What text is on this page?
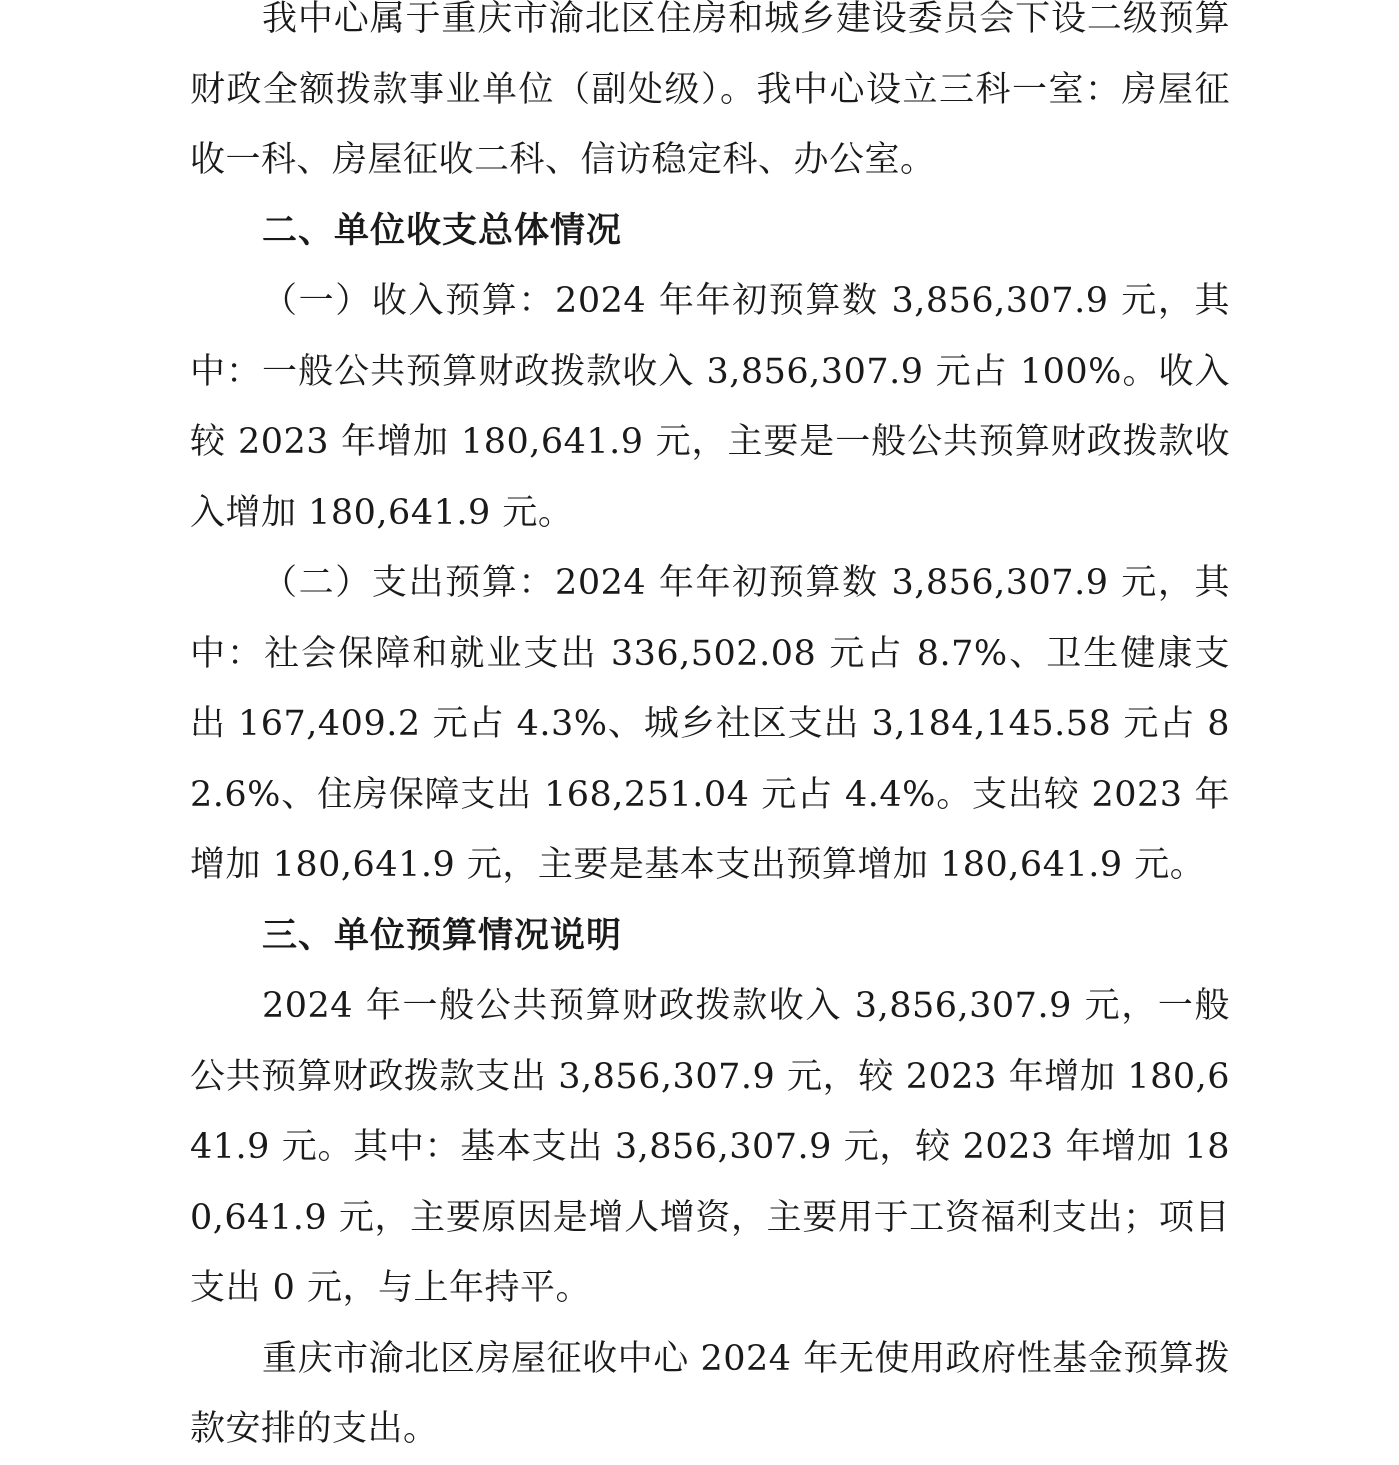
我中心属于重庆市渝北区住房和城乡建设委员会下设二级预算财政全额拨款事业单位（副处级）。我中心设立三科一室：房屋征收一科、房屋征收二科、信访稳定科、办公室。

二、单位收支总体情况

（一）收入预算：2024 年年初预算数 3,856,307.9 元，其中：一般公共预算财政拨款收入 3,856,307.9 元占 100%。收入较 2023 年增加 180,641.9 元，主要是一般公共预算财政拨款收入增加 180,641.9 元。

（二）支出预算：2024 年年初预算数 3,856,307.9 元，其中：社会保障和就业支出 336,502.08 元占 8.7%、卫生健康支出 167,409.2 元占 4.3%、城乡社区支出 3,184,145.58 元占 82.6%、住房保障支出 168,251.04 元占 4.4%。支出较 2023 年增加 180,641.9 元，主要是基本支出预算增加 180,641.9 元。

三、单位预算情况说明

2024 年一般公共预算财政拨款收入 3,856,307.9 元，一般公共预算财政拨款支出 3,856,307.9 元，较 2023 年增加 180,641.9 元。其中：基本支出 3,856,307.9 元，较 2023 年增加 180,641.9 元，主要原因是增人增资，主要用于工资福利支出；项目支出 0 元，与上年持平。

重庆市渝北区房屋征收中心 2024 年无使用政府性基金预算拨款安排的支出。
